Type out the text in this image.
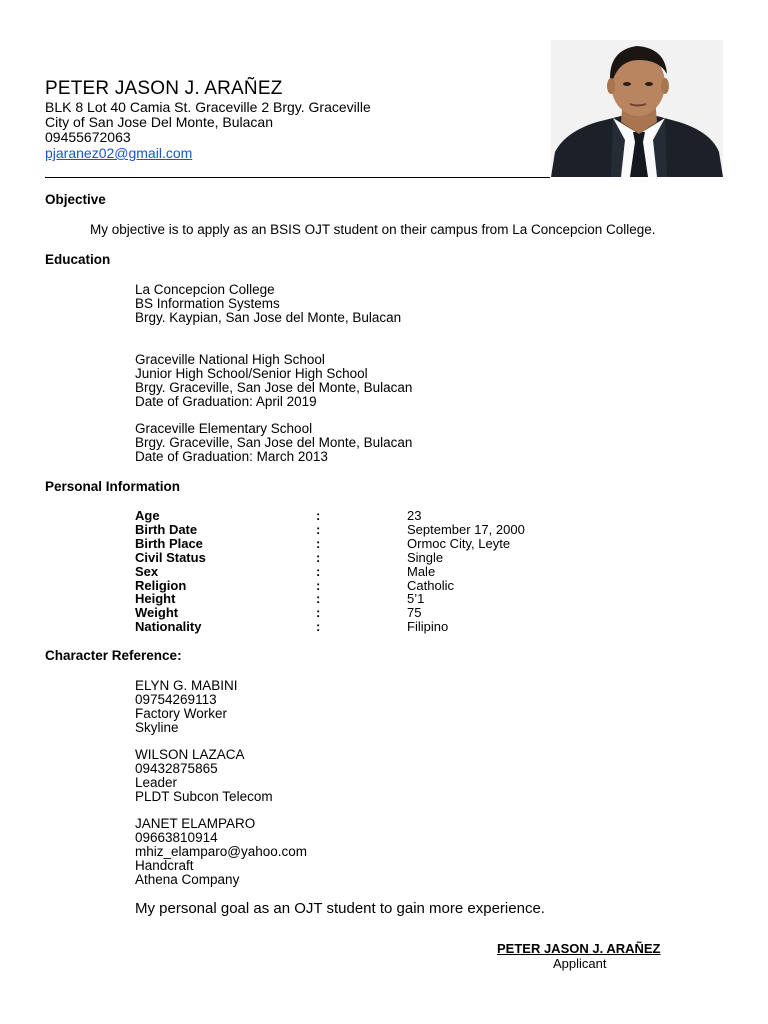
PETER JASON J. ARAÑEZ
BLK 8 Lot 40 Camia St. Graceville 2 Brgy. Graceville
City of San Jose Del Monte, Bulacan
09455672063
pjaranez02@gmail.com
Objective
My objective is to apply as an BSIS OJT student on their campus from La Concepcion College.
Education
La Concepcion College
BS Information Systems
Brgy. Kaypian, San Jose del Monte, Bulacan
Graceville National High School
Junior High School/Senior High School
Brgy. Graceville, San Jose del Monte, Bulacan
Date of Graduation: April 2019
Graceville Elementary School
Brgy. Graceville, San Jose del Monte, Bulacan
Date of Graduation: March 2013
Personal Information
Age	:	23
Birth Date	:	September 17, 2000
Birth Place	:	Ormoc City, Leyte
Civil Status	:	Single
Sex	:	Male
Religion	:	Catholic
Height	:	5’1
Weight	:	75
Nationality	:	Filipino
Character Reference:
ELYN G. MABINI
09754269113
Factory Worker
Skyline
WILSON LAZACA
09432875865
Leader
PLDT Subcon Telecom
JANET ELAMPARO
09663810914
mhiz_elamparo@yahoo.com
Handcraft
Athena Company
My personal goal as an OJT student to gain more experience.
PETER JASON J. ARAÑEZ
Applicant
